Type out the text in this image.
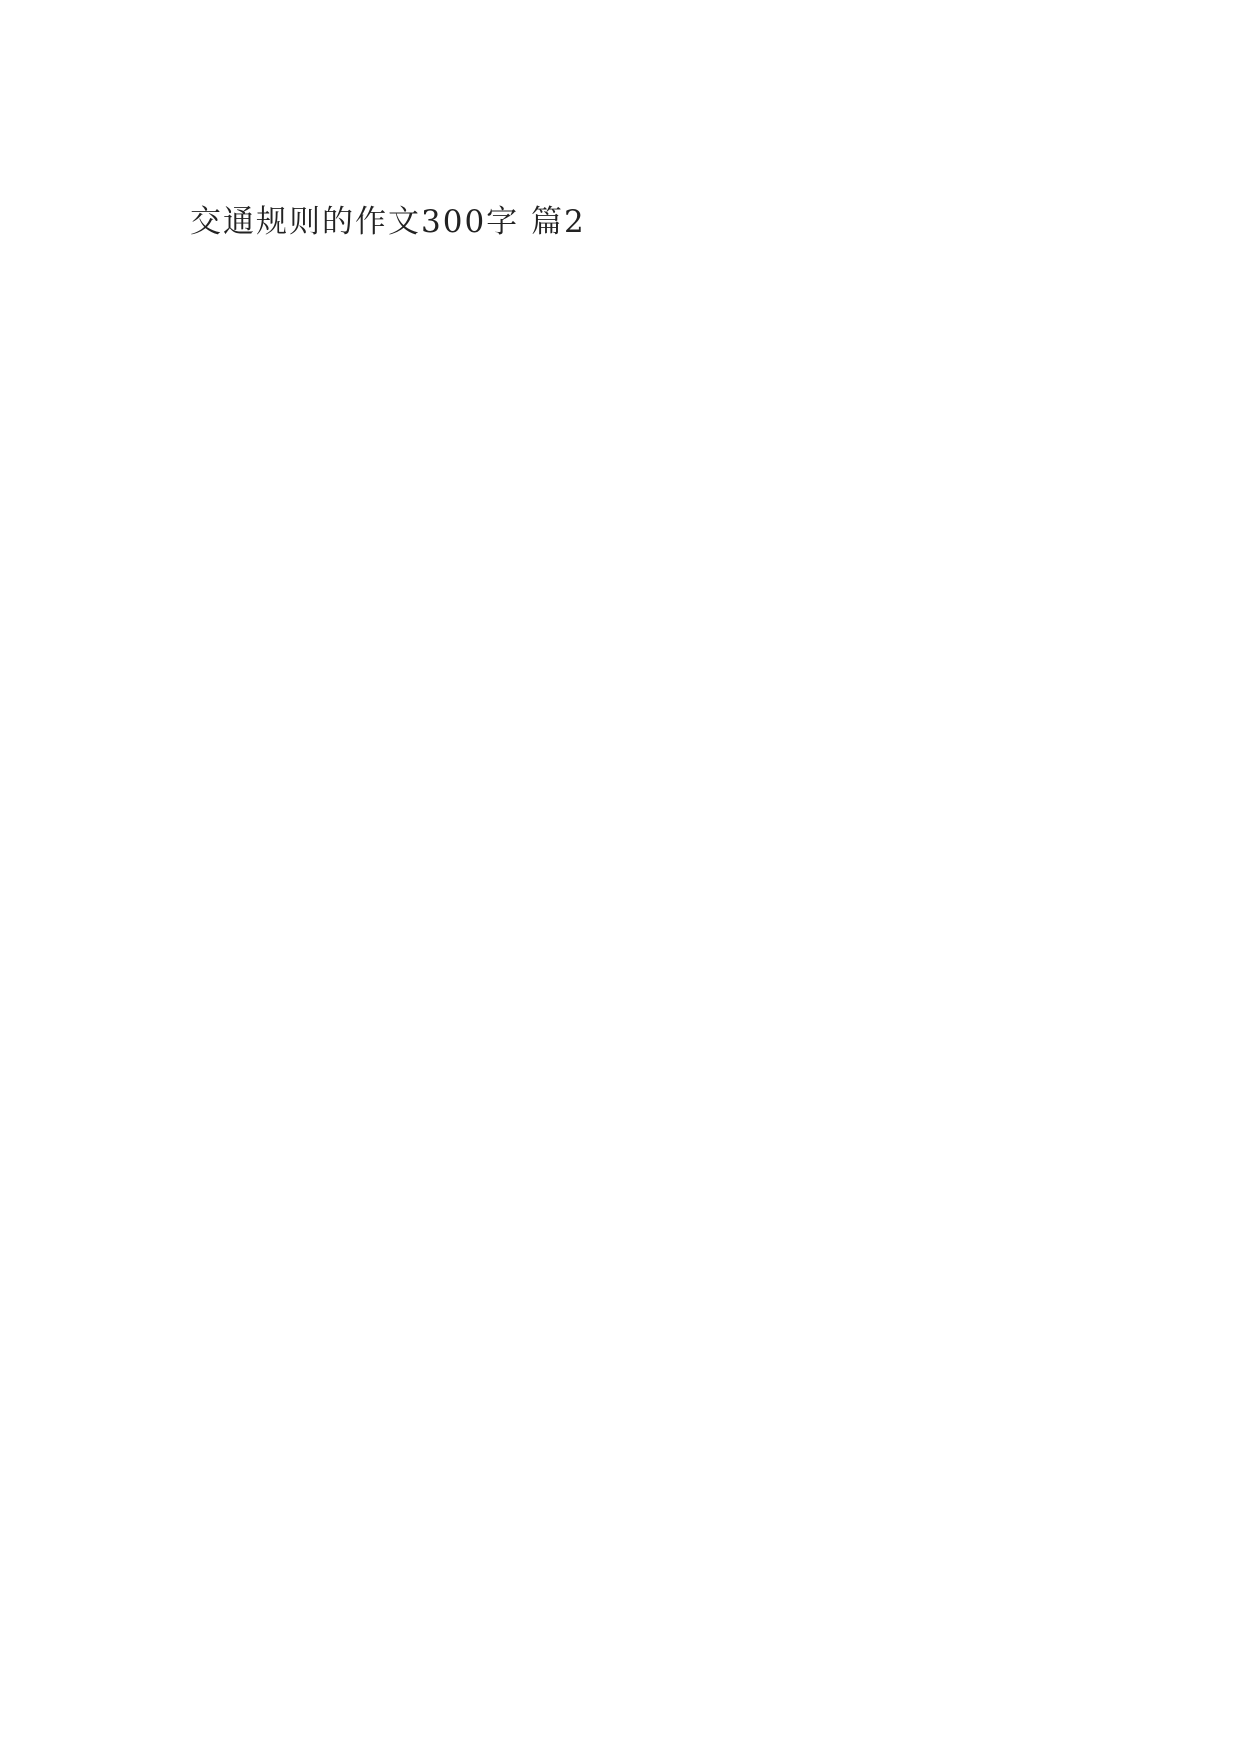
交通规则的作文300字 篇2
